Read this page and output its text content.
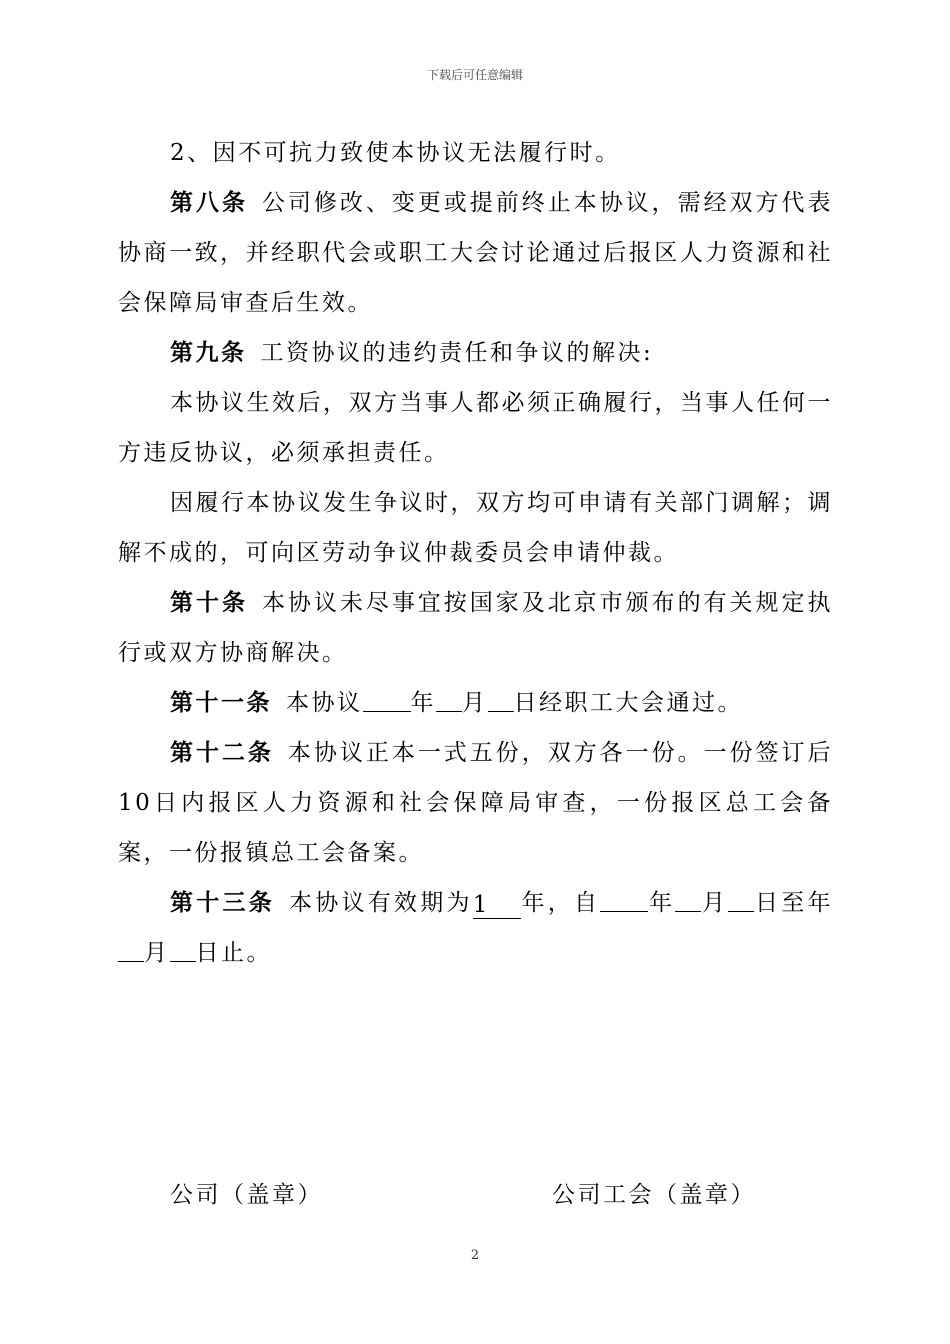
下载后可任意编辑

2、因不可抗力致使本协议无法履行时。

第八条 公司修改、变更或提前终止本协议，需经双方代表协商一致，并经职代会或职工大会讨论通过后报区人力资源和社会保障局审查后生效。

第九条 工资协议的违约责任和争议的解决:

本协议生效后，双方当事人都必须正确履行，当事人任何一方违反协议，必须承担责任。

因履行本协议发生争议时，双方均可申请有关部门调解；调解不成的，可向区劳动争议仲裁委员会申请仲裁。

第十条 本协议未尽事宜按国家及北京市颁布的有关规定执行或双方协商解决。

第十一条 本协议 年 月 日经职工大会通过。

第十二条 本协议正本一式五份，双方各一份。一份签订后10日内报区人力资源和社会保障局审查，一份报区总工会备案，一份报镇总工会备案。

第十三条 本协议有效期为1 年，自 年 月 日至年月 日止。

公司（盖章）	公司工会（盖章）
2
